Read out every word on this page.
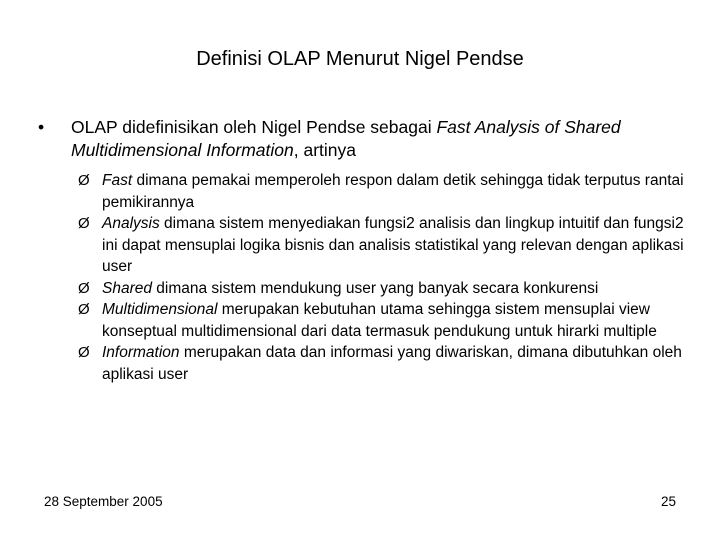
Definisi OLAP Menurut Nigel Pendse
• OLAP didefinisikan oleh Nigel Pendse sebagai Fast Analysis of Shared Multidimensional Information, artinya
Ø Fast dimana pemakai memperoleh respon dalam detik sehingga tidak terputus rantai pemikirannya
Ø Analysis dimana sistem menyediakan fungsi2 analisis dan lingkup intuitif dan fungsi2 ini dapat mensuplai logika bisnis dan analisis statistikal yang relevan dengan aplikasi user
Ø Shared dimana sistem mendukung user yang banyak secara konkurensi
Ø Multidimensional merupakan kebutuhan utama sehingga sistem mensuplai view konseptual multidimensional dari data termasuk pendukung untuk hirarki multiple
Ø Information merupakan data dan informasi yang diwariskan, dimana dibutuhkan oleh aplikasi user
28 September 2005	25
